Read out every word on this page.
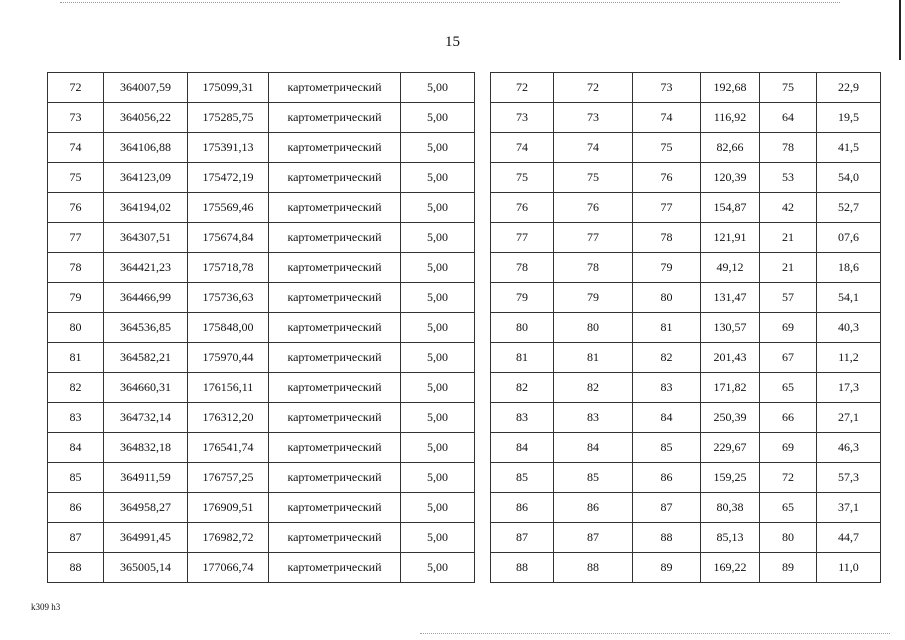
15
72	364007,59	175099,31	картометрический	5,00
73	364056,22	175285,75	картометрический	5,00
74	364106,88	175391,13	картометрический	5,00
75	364123,09	175472,19	картометрический	5,00
76	364194,02	175569,46	картометрический	5,00
77	364307,51	175674,84	картометрический	5,00
78	364421,23	175718,78	картометрический	5,00
79	364466,99	175736,63	картометрический	5,00
80	364536,85	175848,00	картометрический	5,00
81	364582,21	175970,44	картометрический	5,00
82	364660,31	176156,11	картометрический	5,00
83	364732,14	176312,20	картометрический	5,00
84	364832,18	176541,74	картометрический	5,00
85	364911,59	176757,25	картометрический	5,00
86	364958,27	176909,51	картометрический	5,00
87	364991,45	176982,72	картометрический	5,00
88	365005,14	177066,74	картометрический	5,00
72	72	73	192,68	75	22,9
73	73	74	116,92	64	19,5
74	74	75	82,66	78	41,5
75	75	76	120,39	53	54,0
76	76	77	154,87	42	52,7
77	77	78	121,91	21	07,6
78	78	79	49,12	21	18,6
79	79	80	131,47	57	54,1
80	80	81	130,57	69	40,3
81	81	82	201,43	67	11,2
82	82	83	171,82	65	17,3
83	83	84	250,39	66	27,1
84	84	85	229,67	69	46,3
85	85	86	159,25	72	57,3
86	86	87	80,38	65	37,1
87	87	88	85,13	80	44,7
88	88	89	169,22	89	11,0
k309 h3
